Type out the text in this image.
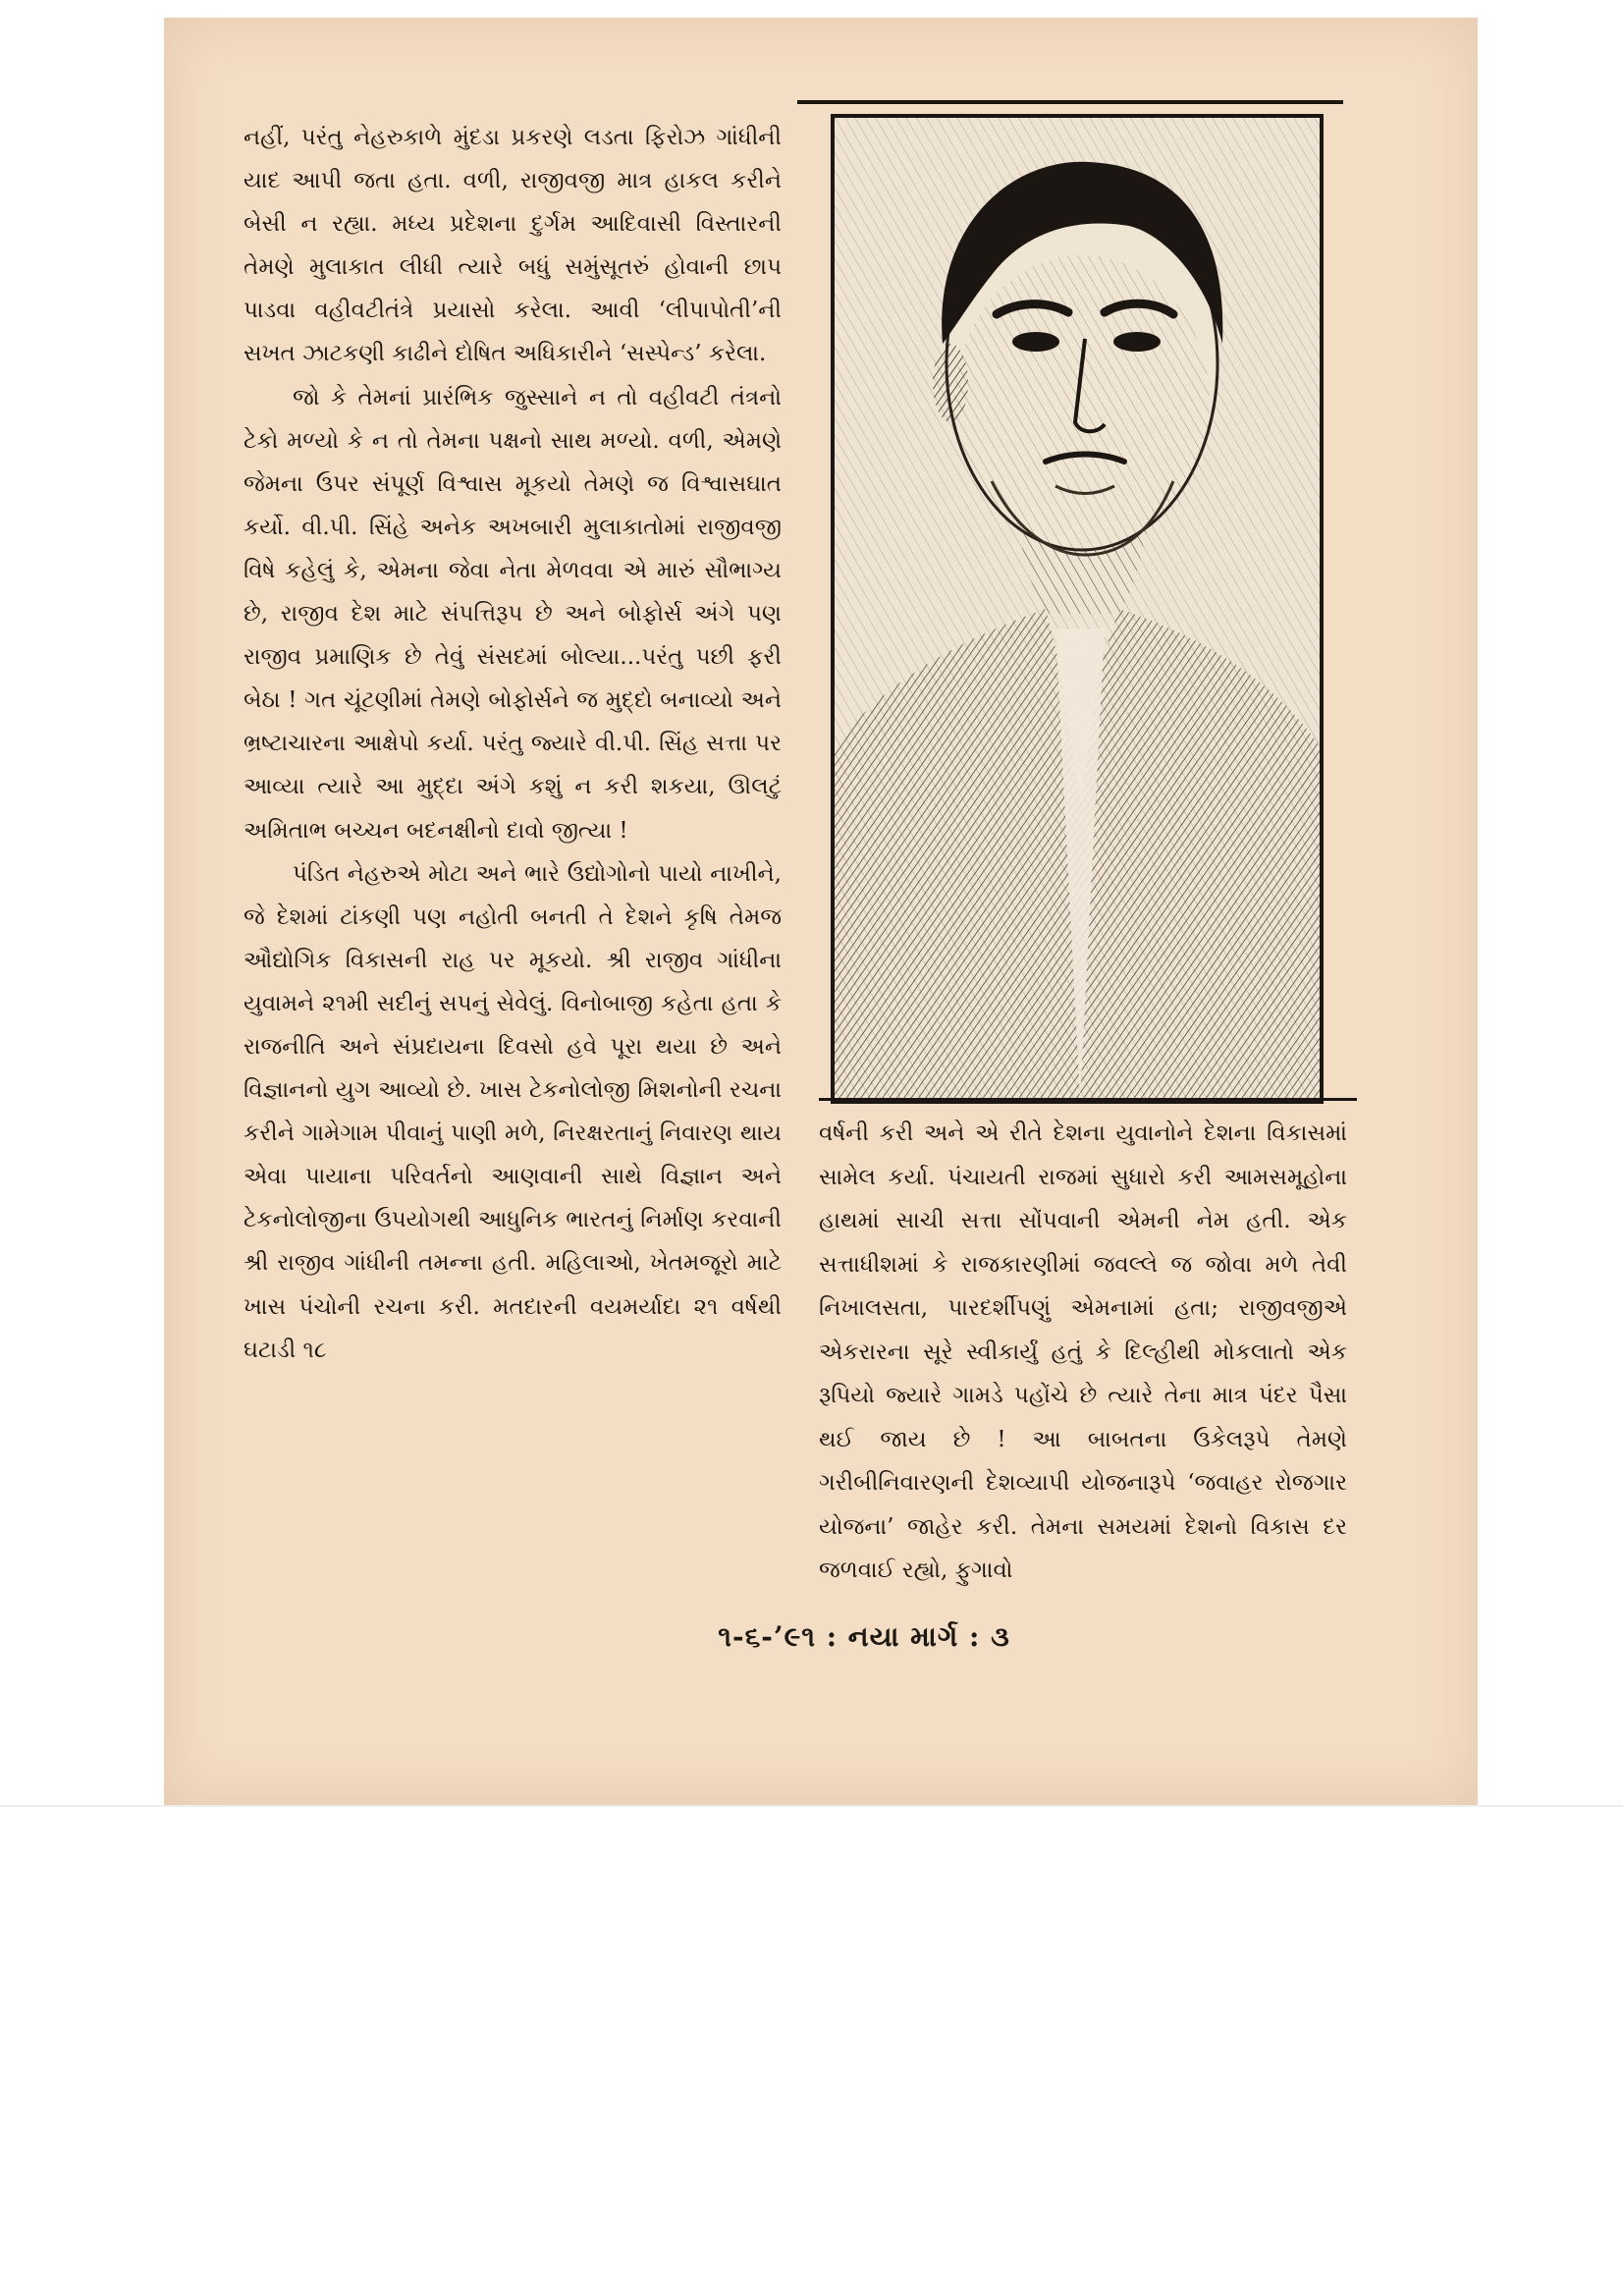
નહીં, પરંતુ નેહરુકાળે મુંદડા પ્રકરણે લડતા ફિરોઝ ગાંધીની યાદ આપી જતા હતા. વળી, રાજીવજી માત્ર હાકલ કરીને બેસી ન રહ્યા. મધ્ય પ્રદેશના દુર્ગમ આદિવાસી વિસ્તારની તેમણે મુલાકાત લીધી ત્યારે બધું સમુંસૂતરું હોવાની છાપ પાડવા વહીવટીતંત્રે પ્રયાસો કરેલા. આવી ‘લીપાપોતી’ની સખત ઝાટકણી કાઢીને દોષિત અધિકારીને ‘સસ્પેન્ડ’ કરેલા.

જો કે તેમનાં પ્રારંભિક જુસ્સાને ન તો વહીવટી તંત્રનો ટેકો મળ્યો કે ન તો તેમના પક્ષનો સાથ મળ્યો. વળી, એમણે જેમના ઉપર સંપૂર્ણ વિશ્વાસ મૂકયો તેમણે જ વિશ્વાસઘાત કર્યો. વી.પી. સિંહે અનેક અખબારી મુલાકાતોમાં રાજીવજી વિષે કહેલું કે, એમના જેવા નેતા મેળવવા એ મારું સૌભાગ્ય છે, રાજીવ દેશ માટે સંપત્તિરૂપ છે અને બોફોર્સ અંગે પણ રાજીવ પ્રમાણિક છે તેવું સંસદમાં બોલ્યા...પરંતુ પછી ફરી બેઠા ! ગત ચૂંટણીમાં તેમણે બોફોર્સને જ મુદ્દો બનાવ્યો અને ભ્રષ્ટાચારના આક્ષેપો કર્યા. પરંતુ જ્યારે વી.પી. સિંહ સત્તા પર આવ્યા ત્યારે આ મુદ્દા અંગે કશું ન કરી શકયા, ઊલટું અમિતાભ બચ્ચન બદનક્ષીનો દાવો જીત્યા !

પંડિત નેહરુએ મોટા અને ભારે ઉદ્યોગોનો પાયો નાખીને, જે દેશમાં ટાંકણી પણ નહોતી બનતી તે દેશને કૃષિ તેમજ ઔદ્યોગિક વિકાસની રાહ પર મૂકયો. શ્રી રાજીવ ગાંધીના યુવામને ૨૧મી સદીનું સપનું સેવેલું. વિનોબાજી કહેતા હતા કે રાજનીતિ અને સંપ્રદાયના દિવસો હવે પૂરા થયા છે અને વિજ્ઞાનનો યુગ આવ્યો છે. ખાસ ટેકનોલોજી મિશનોની રચના કરીને ગામેગામ પીવાનું પાણી મળે, નિરક્ષરતાનું નિવારણ થાય એવા પાયાના પરિવર્તનો આણવાની સાથે વિજ્ઞાન અને ટેકનોલોજીના ઉપયોગથી આધુનિક ભારતનું નિર્માણ કરવાની શ્રી રાજીવ ગાંધીની તમન્ના હતી. મહિલાઓ, ખેતમજૂરો માટે ખાસ પંચોની રચના કરી. મતદારની વયમર્યાદા ૨૧ વર્ષથી ઘટાડી ૧૮

વર્ષની કરી અને એ રીતે દેશના યુવાનોને દેશના વિકાસમાં સામેલ કર્યા. પંચાયતી રાજમાં સુધારો કરી આમસમૂહોના હાથમાં સાચી સત્તા સોંપવાની એમની નેમ હતી. એક સત્તાધીશમાં કે રાજકારણીમાં જવલ્લે જ જોવા મળે તેવી નિખાલસતા, પારદર્શીપણું એમનામાં હતા; રાજીવજીએ એકરારના સૂરે સ્વીકાર્યું હતું કે દિલ્હીથી મોકલાતો એક રૂપિયો જ્યારે ગામડે પહોંચે છે ત્યારે તેના માત્ર પંદર પૈસા થઈ જાય છે ! આ બાબતના ઉકેલરૂપે તેમણે ગરીબીનિવારણની દેશવ્યાપી યોજનારૂપે ‘જવાહર રોજગાર યોજના’ જાહેર કરી. તેમના સમયમાં દેશનો વિકાસ દર જળવાઈ રહ્યો, ફુગાવો

૧-૬-’૯૧ : નયા માર્ગ : ૩
